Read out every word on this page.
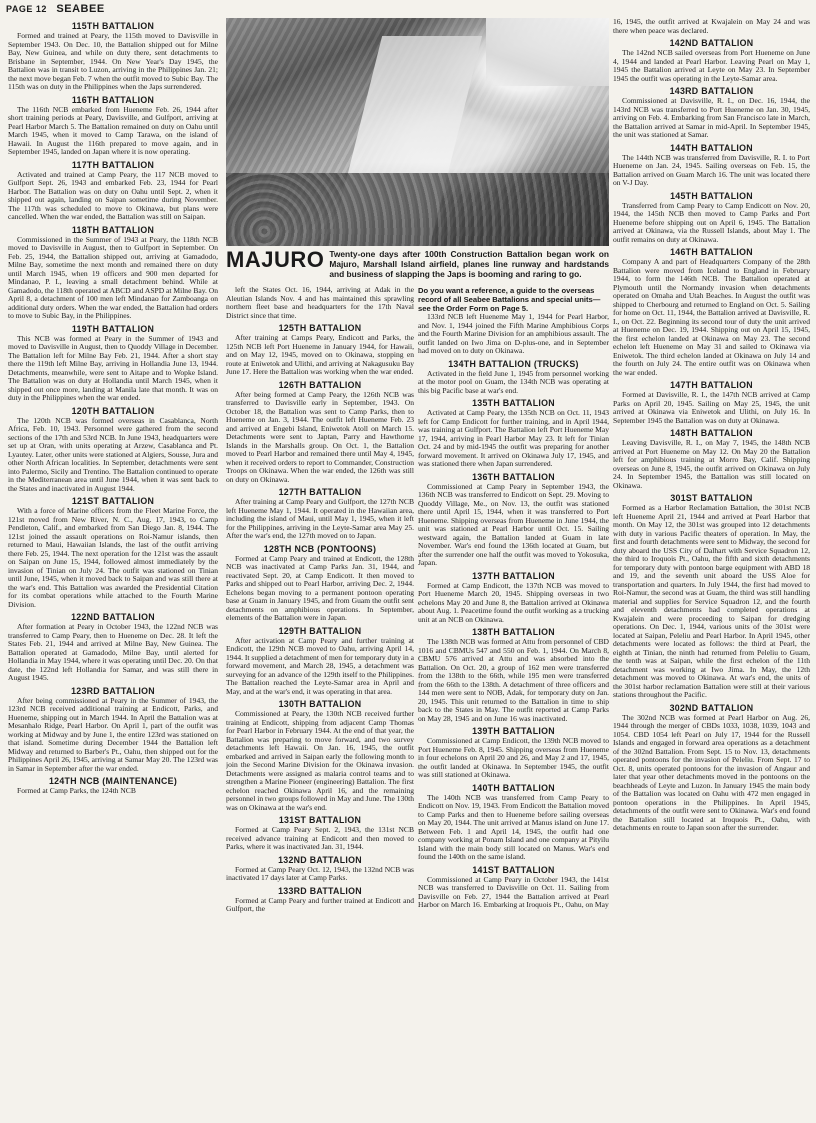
PAGE 12 SEABEE
115TH BATTALION

Formed and trained at Peary, the 115th moved to Davisville in September 1943. On Dec. 10, the Battalion shipped out for Milne Bay, New Guinea, and while on duty there, sent detachments to Brisbane in September, 1944. On New Year's Day 1945, the Battalion was in transit to Luzon, arriving in the Philippines Jan. 21; the next move began Feb. 7 when the outfit moved to Subic Bay. The 115th was on duty in the Philippines when the Japs surrendered.

116TH BATTALION

The 116th NCB embarked from Hueneme Feb. 26, 1944 after short training periods at Peary, Davisville, and Gulfport, arriving at Pearl Harbor March 5. The Battalion remained on duty on Oahu until March 1945, when it moved to Camp Tarawa, on the island of Hawaii. In August the 116th prepared to move again, and in September 1945, landed on Japan where it is now operating.

117TH BATTALION

Activated and trained at Camp Peary, the 117 NCB moved to Gulfport Sept. 26, 1943 and embarked Feb. 23, 1944 for Pearl Harbor. The Battalion was on duty on Oahu until Sept. 2, when it shipped out again, landing on Saipan sometime during November. The 117th was scheduled to move to Okinawa, but plans were cancelled. When the war ended, the Battalion was still on Saipan.

118TH BATTALION

Commissioned in the Summer of 1943 at Peary, the 118th NCB moved to Davisville in August, then to Gulfport in September. On Feb. 25, 1944, the Battalion shipped out, arriving at Gamadodo, Milne Bay, sometime the next month and remained there on duty until March 1945, when 19 officers and 900 men departed for Mindanao, P. I., leaving a small detachment behind. While at Gamadodo, the 118th operated at ABCD and ASPD at Milne Bay. On April 8, a detachment of 100 men left Mindanao for Zamboanga on additional duty orders. When the war ended, the Battalion had orders to move to Subic Bay, in the Philippines.

119TH BATTALION

This NCB was formed at Peary in the Summer of 1943 and moved to Davisville in August, then to Quoddy Village in December. The Battalion left for Milne Bay Feb. 21, 1944. After a short stay there the 119th left Milne Bay, arriving in Hollandia June 13, 1944. Detachments, meanwhile, were sent to Aitape and to Wopke Island. The Battalion was on duty at Hollandia until March 1945, when it shipped out once more, landing at Manila late that month. It was on duty in the Philippines when the war ended.

120TH BATTALION

The 120th NCB was formed overseas in Casablanca, North Africa, Feb. 10, 1943. Personnel were gathered from the second sections of the 17th and 53rd NCB. In June 1943, headquarters were set up at Oran, with units operating at Arzew, Casablanca and Pt. Lyautey. Later, other units were stationed at Algiers, Sousse, Jura and other North African localities. In September, detachments were sent into Palermo, Sicily and Trentino. The Battalion continued to operate in the Mediterranean area until June 1944, when it was sent back to the States and inactivated in August 1944.

121ST BATTALION

With a force of Marine officers from the Fleet Marine Force, the 121st moved from New River, N. C., Aug. 17, 1943, to Camp Pendleton, Calif., and embarked from San Diego Jan. 8, 1944. The 121st joined the assault operations on Roi-Namur islands, then returned to Maui, Hawaiian Islands, the last of the outfit arriving there Feb. 25, 1944. The next operation for the 121st was the assault on Saipan on June 15, 1944, followed almost immediately by the invasion of Tinian on July 24. The outfit was stationed on Tinian until June, 1945, when it moved back to Saipan and was still there at the war's end. This Battalion was awarded the Presidential Citation for its combat operations while attached to the Fourth Marine Division.

122ND BATTALION

After formation at Peary in October 1943, the 122nd NCB was transferred to Camp Peary, then to Hueneme on Dec. 28. It left the States Feb. 21, 1944 and arrived at Milne Bay, New Guinea. The Battalion operated at Gamadodo, Milne Bay, until alerted for Hollandia in May 1944, where it was operating until Dec. 20. On that date, the 122nd left Hollandia for Samar, and was still there in August 1945.

123RD BATTALION

After being commissioned at Peary in the Summer of 1943, the 123rd NCB received additional training at Endicott, Parks, and Hueneme, shipping out in March 1944. In April the Battalion was at Mesanhalo Ridge, Pearl Harbor. On April 1, part of the outfit was working at Midway and by June 1, the entire 123rd was stationed on that island. Sometime during December 1944 the Battalion left Midway and returned to Barber's Pt., Oahu, then shipped out for the Philippines April 26, 1945, arriving at Samar May 20. The 123rd was in Samar in September after the war ended.

124TH NCB (MAINTENANCE)

Formed at Camp Parks, the 124th NCB

MAJURO Twenty-one days after 100th Construction Battalion began work on Majuro, Marshall Island airfield, planes line runway and hardstands and business of slapping the Japs is booming and raring to go.

left the States Oct. 16, 1944, arriving at Adak in the Aleutian Islands Nov. 4 and has maintained this sprawling northern fleet base and headquarters for the 17th Naval District since that time.

125TH BATTALION

After training at Camps Peary, Endicott and Parks, the 125th NCB left Port Hueneme in January 1944, for Hawaii, and on May 12, 1945, moved on to Okinawa, stopping en route at Eniwetok and Ulithi, and arriving at Nakagusuku Bay June 17. Here the Battalion was working when the war ended.

126TH BATTALION

After being formed at Camp Peary, the 126th NCB was transferred to Davisville early in September, 1943. On October 18, the Battalion was sent to Camp Parks, then to Hueneme on Jan. 3, 1944. The outfit left Hueneme Feb. 23 and arrived at Engebi Island, Eniwetok Atoll on March 15. Detachments were sent to Japtan, Parry and Hawthorne Islands in the Marshalls group. On Oct. 1, the Battalion moved to Pearl Harbor and remained there until May 4, 1945, when it received orders to report to Commander, Construction Troops on Okinawa. When the war ended, the 126th was still on duty on Okinawa.

127TH BATTALION

After training at Camp Peary and Gulfport, the 127th NCB left Hueneme May 1, 1944. It operated in the Hawaiian area, including the island of Maui, until May 1, 1945, when it left for the Philippines, arriving in the Leyte-Samar area May 25. After the war's end, the 127th moved on to Japan.

128TH NCB (PONTOONS)

Formed at Camp Peary and trained at Endicott, the 128th NCB was inactivated at Camp Parks Jan. 31, 1944, and reactivated Sept. 20, at Camp Endicott. It then moved to Parks and shipped out to Pearl Harbor, arriving Dec. 2, 1944. Echelons began moving to a permanent pontoon operating base at Guam in January 1945, and from Guam the outfit sent detachments on amphibious operations. In September, elements of the Battalion were in Japan.

129TH BATTALION

After activation at Camp Peary and further training at Endicott, the 129th NCB moved to Oahu, arriving April 14, 1944. It supplied a detachment of men for temporary duty in a forward movement, and March 28, 1945, a detachment was surveying for an advance of the 129th itself to the Philippines. The Battalion reached the Leyte-Samar area in April and May, and at the war's end, it was operating in that area.

130TH BATTALION

Commissioned at Peary, the 130th NCB received further training at Endicott, shipping from adjacent Camp Thomas for Pearl Harbor in February 1944. At the end of that year, the Battalion was preparing to move forward, and two survey detachments left Hawaii. On Jan. 16, 1945, the outfit embarked and arrived in Saipan early the following month to join the Second Marine Division for the Okinawa invasion. Detachments were assigned as malaria control teams and to strengthen a Marine Pioneer (engineering) Battalion. The first echelon reached Okinawa April 16, and the remaining personnel in two groups followed in May and June. The 130th was on Okinawa at the war's end.

131ST BATTALION

Formed at Camp Peary Sept. 2, 1943, the 131st NCB received advance training at Endicott and then moved to Parks, where it was inactivated Jan. 31, 1944.

132ND BATTALION

Formed at Camp Peary Oct. 12, 1943, the 132nd NCB was inactivated 17 days later at Camp Parks.

133RD BATTALION

Formed at Camp Peary and further trained at Endicott and Gulfport, the

Do you want a reference, a guide to the overseas record of all Seabee Battalions and special units—see the Order Form on Page 5.

133rd NCB left Hueneme May 1, 1944 for Pearl Harbor, and Nov. 1, 1944 joined the Fifth Marine Amphibious Corps and the Fourth Marine Division for an amphibious assault. The outfit landed on Iwo Jima on D-plus-one, and in September had moved on to duty on Okinawa.

134TH BATTALION (TRUCKS)

Activated in the field June 1, 1945 from personnel working at the motor pool on Guam, the 134th NCB was operating at this big Pacific base at war's end.

135TH BATTALION

Activated at Camp Peary, the 135th NCB on Oct. 11, 1943 left for Camp Endicott for further training, and in April 1944, was training at Gulfport. The Battalion left Port Hueneme May 17, 1944, arriving in Pearl Harbor May 23. It left for Tinian Oct. 24 and by mid-1945 the outfit was preparing for another forward movement. It arrived on Okinawa July 17, 1945, and was stationed there when Japan surrendered.

136TH BATTALION

Commissioned at Camp Peary in September 1943, the 136th NCB was transferred to Endicott on Sept. 29. Moving to Quoddy Village, Me., on Nov. 13, the outfit was stationed there until April 15, 1944, when it was transferred to Port Hueneme. Shipping overseas from Hueneme in June 1944, the unit was stationed at Pearl Harbor until Oct. 15. Sailing westward again, the Battalion landed at Guam in late November. War's end found the 136th located at Guam, but after the surrender one half the outfit was moved to Yokosuka, Japan.

137TH BATTALION

Formed at Camp Endicott, the 137th NCB was moved to Port Hueneme March 20, 1945. Shipping overseas in two echelons May 20 and June 8, the Battalion arrived at Okinawa about Aug. 1. Peacetime found the outfit working as a trucking unit at an NCB on Okinawa.

138TH BATTALION

The 138th NCB was formed at Attu from personnel of CBD 1016 and CBMUs 547 and 550 on Feb. 1, 1944. On March 8, CBMU 576 arrived at Attu and was absorbed into the Battalion. On Oct. 20, a group of 162 men were transferred from the 138th to the 66th, while 195 men were transferred from the 66th to the 138th. A detachment of three officers and 144 men were sent to NOB, Adak, for temporary duty on Jan. 20, 1945. This unit returned to the Battalion in time to ship back to the States in May. The outfit reported at Camp Parks on May 28, 1945 and on June 16 was inactivated.

139TH BATTALION

Commissioned at Camp Endicott, the 139th NCB moved to Port Hueneme Feb. 8, 1945. Shipping overseas from Hueneme in four echelons on April 20 and 26, and May 2 and 17, 1945, the outfit landed at Okinawa. In September 1945, the outfit was still stationed at Okinawa.

140TH BATTALION

The 140th NCB was transferred from Camp Peary to Endicott on Nov. 19, 1943. From Endicott the Battalion moved to Camp Parks and then to Hueneme before sailing overseas on May 20, 1944. The unit arrived at Manus island on June 17. Between Feb. 1 and April 14, 1945, the outfit had one company working at Ponam Island and one company at Pityilu Island with the main body still located on Manus. War's end found the 140th on the same island.

141ST BATTALION

Commissioned at Camp Peary in October 1943, the 141st NCB was transferred to Davisville on Oct. 11. Sailing from Davisville on Feb. 27, 1944 the Battalion arrived at Pearl Harbor on March 16. Embarking at Iroquois Pt., Oahu, on May

16, 1945, the outfit arrived at Kwajalein on May 24 and was there when peace was declared.

142ND BATTALION

The 142nd NCB sailed overseas from Port Hueneme on June 4, 1944 and landed at Pearl Harbor. Leaving Pearl on May 1, 1945 the Battalion arrived at Leyte on May 23. In September 1945 the outfit was operating in the Leyte-Samar area.

143RD BATTALION

Commissioned at Davisville, R. I., on Dec. 16, 1944, the 143rd NCB was transferred to Port Hueneme on Jan. 30, 1945, arriving on Feb. 4. Embarking from San Francisco late in March, the Battalion arrived at Samar in mid-April. In September 1945, the unit was stationed at Samar.

144TH BATTALION

The 144th NCB was transferred from Davisville, R. I. to Port Hueneme on Jan. 24, 1945. Sailing overseas on Feb. 15, the Battalion arrived on Guam March 16. The unit was located there on V-J Day.

145TH BATTALION

Transferred from Camp Peary to Camp Endicott on Nov. 20, 1944, the 145th NCB then moved to Camp Parks and Port Hueneme before shipping out on April 6, 1945. The Battalion arrived at Okinawa, via the Russell Islands, about May 1. The outfit remains on duty at Okinawa.

146TH BATTALION

Company A and part of Headquarters Company of the 28th Battalion were moved from Iceland to England in February 1944, to form the 146th NCB. The Battalion operated at Plymouth until the Normandy invasion when detachments operated on Omaha and Utah Beaches. In August the outfit was shipped to Cherbourg and returned to England on Oct. 5. Sailing for home on Oct. 11, 1944, the Battalion arrived at Davisville, R. I., on Oct. 22. Beginning its second tour of duty the unit arrived at Hueneme on Dec. 19, 1944. Shipping out on April 15, 1945, the first echelon landed at Okinawa on May 23. The second echelon left Hueneme on May 31 and sailed to Okinawa via Eniwetok. The third echelon landed at Okinawa on July 14 and the fourth on July 24. The entire outfit was on Okinawa when the war ended.

147TH BATTALION

Formed at Davisville, R. I., the 147th NCB arrived at Camp Parks on April 20, 1945. Sailing on May 25, 1945, the unit arrived at Okinawa via Eniwetok and Ulithi, on July 16. In September 1945 the Battalion was on duty at Okinawa.

148TH BATTALION

Leaving Davisville, R. I., on May 7, 1945, the 148th NCB arrived at Port Hueneme on May 12. On May 20 the Battalion left for amphibious training at Morro Bay, Calif. Shipping overseas on June 8, 1945, the outfit arrived on Okinawa on July 24. In September 1945, the Battalion was still located on Okinawa.

301ST BATTALION

Formed as a Harbor Reclamation Battalion, the 301st NCB left Hueneme April 21, 1944 and arrived at Pearl Harbor that month. On May 12, the 301st was grouped into 12 detachments with duty in various Pacific theaters of operation. In May, the first and fourth detachments were sent to Midway, the second for duty aboard the USS City of Dalhart with Service Squadron 12, the third to Iroquois Pt., Oahu, the fifth and sixth detachments for temporary duty with pontoon barge equipment with ABD 18 and 19, and the seventh unit aboard the USS Aloe for transportation and quarters. In July 1944, the first had moved to Roi-Namur, the second was at Guam, the third was still handling material and supplies for Service Squadron 12, and the fourth and eleventh detachments had completed operations at Kwajalein and were proceeding to Saipan for dredging operations. On Dec. 1, 1944, various units of the 301st were located at Saipan, Peleliu and Pearl Harbor. In April 1945, other detachments were located as follows: the third at Pearl, the eighth at Tinian, the ninth had returned from Peleliu to Guam, the tenth was at Saipan, while the first echelon of the 11th detachment was working at Iwo Jima. In May, the 12th detachment was moved to Okinawa. At war's end, the units of the 301st harbor reclamation Battalion were still at their various stations throughout the Pacific.

302ND BATTALION

The 302nd NCB was formed at Pearl Harbor on Aug. 26, 1944 through the merger of CBDs 1033, 1038, 1039, 1043 and 1054. CBD 1054 left Pearl on July 17, 1944 for the Russell Islands and engaged in forward area operations as a detachment of the 302nd Battalion. From Sept. 15 to Nov. 13, detachments operated pontoons for the invasion of Peleliu. From Sept. 17 to Oct. 8, units operated pontoons for the invasion of Angaur and later that year other detachments moved in the pontoons on the beachheads of Leyte and Luzon. In January 1945 the main body of the Battalion was located on Oahu with 472 men engaged in pontoon operations in the Philippines. In April 1945, detachments of the outfit were sent to Okinawa. War's end found the Battalion still located at Iroquois Pt., Oahu, with detachments en route to Japan soon after the surrender.
